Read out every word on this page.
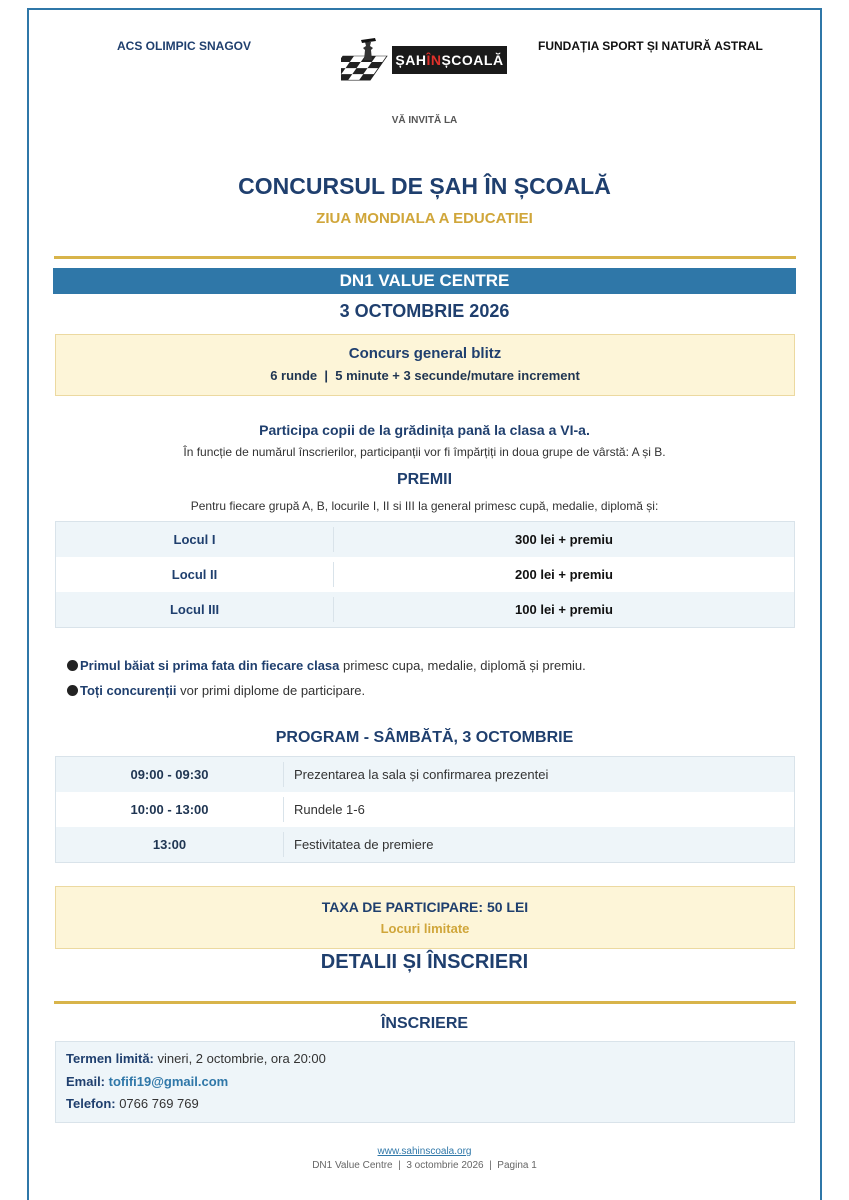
ACS OLIMPIC SNAGOV
ȘAH ÎN ȘCOALĂ
FUNDAȚIA SPORT ȘI NATURĂ ASTRAL
VĂ INVITĂ LA
CONCURSUL DE ȘAH ÎN ȘCOALĂ
ZIUA MONDIALA A EDUCATIEI
DN1 VALUE CENTRE
3 OCTOMBRIE 2026
Concurs general blitz
6 runde  |  5 minute + 3 secunde/mutare increment
Participa copii de la grădinița pană la clasa a VI-a.
În funcție de numărul înscrierilor, participanții vor fi împărțiți in doua grupe de vârstă: A și B.
PREMII
Pentru fiecare grupă A, B, locurile I, II si III la general primesc cupă, medalie, diplomă și:
Locul I	300 lei + premiu
Locul II	200 lei + premiu
Locul III	100 lei + premiu
Primul băiat si prima fata din fiecare clasa primesc cupa, medalie, diplomă și premiu.
Toți concurenții vor primi diplome de participare.
PROGRAM - SÂMBĂTĂ, 3 OCTOMBRIE
09:00 - 09:30	Prezentarea la sala și confirmarea prezentei
10:00 - 13:00	Rundele 1-6
13:00	Festivitatea de premiere
TAXA DE PARTICIPARE: 50 LEI
Locuri limitate
DETALII ȘI ÎNSCRIERI
ÎNSCRIERE
Termen limită: vineri, 2 octombrie, ora 20:00
Email: tofifi19@gmail.com
Telefon: 0766 769 769
www.sahinscoala.org
DN1 Value Centre  |  3 octombrie 2026  |  Pagina 1
